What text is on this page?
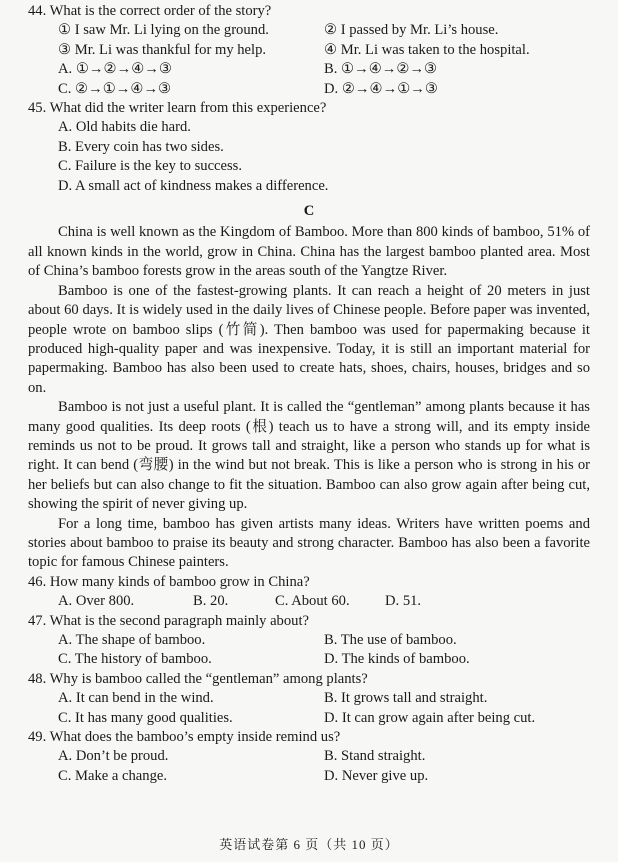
44. What is the correct order of the story?

① I saw Mr. Li lying on the ground.	② I passed by Mr. Li’s house.
③ Mr. Li was thankful for my help.	④ Mr. Li was taken to the hospital.
A. ①→②→④→③	B. ①→④→②→③
C. ②→①→④→③	D. ②→④→①→③

45. What did the writer learn from this experience?

A. Old habits die hard.
B. Every coin has two sides.
C. Failure is the key to success.
D. A small act of kindness makes a difference.
C

China is well known as the Kingdom of Bamboo. More than 800 kinds of bamboo, 51% of all known kinds in the world, grow in China. China has the largest bamboo planted area. Most of China’s bamboo forests grow in the areas south of the Yangtze River.

Bamboo is one of the fastest-growing plants. It can reach a height of 20 meters in just about 60 days. It is widely used in the daily lives of Chinese people. Before paper was invented, people wrote on bamboo slips (竹简). Then bamboo was used for papermaking because it produced high-quality paper and was inexpensive. Today, it is still an important material for papermaking. Bamboo has also been used to create hats, shoes, chairs, houses, bridges and so on.

Bamboo is not just a useful plant. It is called the “gentleman” among plants because it has many good qualities. Its deep roots (根) teach us to have a strong will, and its empty inside reminds us not to be proud. It grows tall and straight, like a person who stands up for what is right. It can bend (弯腰) in the wind but not break. This is like a person who is strong in his or her beliefs but can also change to fit the situation. Bamboo can also grow again after being cut, showing the spirit of never giving up.

For a long time, bamboo has given artists many ideas. Writers have written poems and stories about bamboo to praise its beauty and strong character. Bamboo has also been a favorite topic for famous Chinese painters.

46. How many kinds of bamboo grow in China?

A. Over 800.	B. 20.	C. About 60.	D. 51.

47. What is the second paragraph mainly about?

A. The shape of bamboo.	B. The use of bamboo.
C. The history of bamboo.	D. The kinds of bamboo.

48. Why is bamboo called the “gentleman” among plants?

A. It can bend in the wind.	B. It grows tall and straight.
C. It has many good qualities.	D. It can grow again after being cut.

49. What does the bamboo’s empty inside remind us?

A. Don’t be proud.	B. Stand straight.
C. Make a change.	D. Never give up.
英语试卷第 6 页（共 10 页）
